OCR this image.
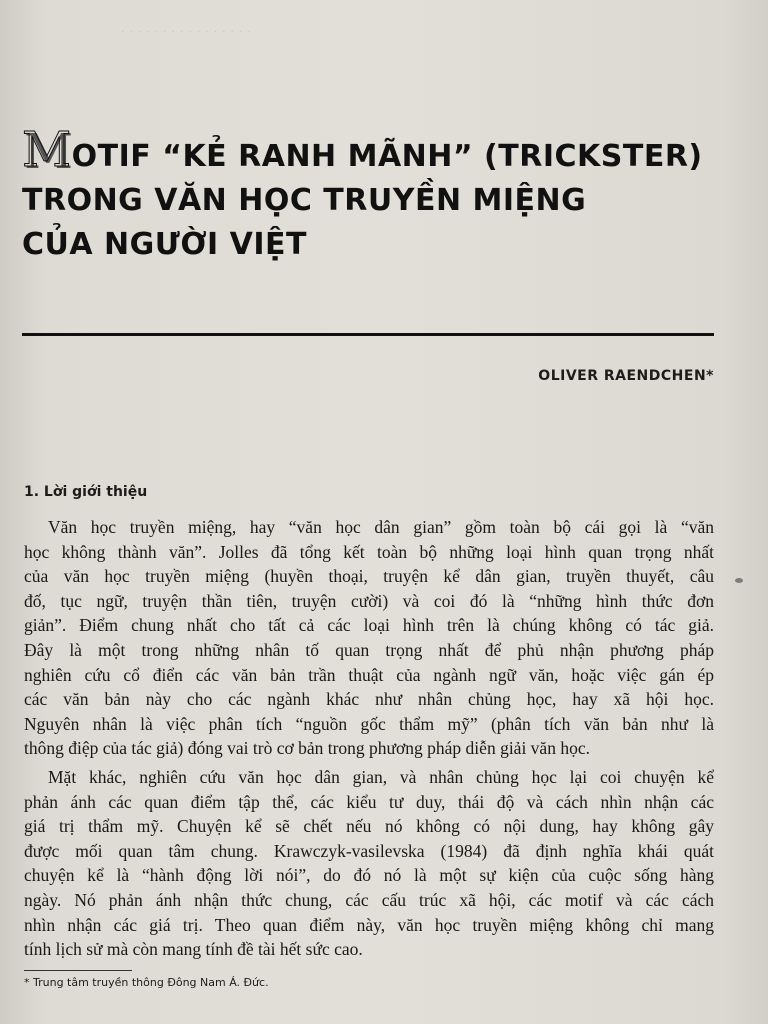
· · · · · · · · · · · · · · · ·
MOTIF “KẺ RANH MÃNH” (TRICKSTER)
TRONG VĂN HỌC TRUYỀN MIỆNG
CỦA NGƯỜI VIỆT
OLIVER RAENDCHEN*
1. Lời giới thiệu
Văn học truyền miệng, hay “văn học dân gian” gồm toàn bộ cái gọi là “văn
học không thành văn”. Jolles đã tổng kết toàn bộ những loại hình quan trọng nhất
của văn học truyền miệng (huyền thoại, truyện kể dân gian, truyền thuyết, câu
đố, tục ngữ, truyện thần tiên, truyện cười) và coi đó là “những hình thức đơn
giản”. Điểm chung nhất cho tất cả các loại hình trên là chúng không có tác giả.
Đây là một trong những nhân tố quan trọng nhất để phủ nhận phương pháp
nghiên cứu cổ điển các văn bản trần thuật của ngành ngữ văn, hoặc việc gán ép
các văn bản này cho các ngành khác như nhân chủng học, hay xã hội học.
Nguyên nhân là việc phân tích “nguồn gốc thẩm mỹ” (phân tích văn bản như là
thông điệp của tác giả) đóng vai trò cơ bản trong phương pháp diễn giải văn học.
Mặt khác, nghiên cứu văn học dân gian, và nhân chủng học lại coi chuyện kể
phản ánh các quan điểm tập thể, các kiểu tư duy, thái độ và cách nhìn nhận các
giá trị thẩm mỹ. Chuyện kể sẽ chết nếu nó không có nội dung, hay không gây
được mối quan tâm chung. Krawczyk-vasilevska (1984) đã định nghĩa khái quát
chuyện kể là “hành động lời nói”, do đó nó là một sự kiện của cuộc sống hàng
ngày. Nó phản ánh nhận thức chung, các cấu trúc xã hội, các motif và các cách
nhìn nhận các giá trị. Theo quan điểm này, văn học truyền miệng không chỉ mang
tính lịch sử mà còn mang tính đề tài hết sức cao.
* Trung tâm truyền thông Đông Nam Á. Đức.
